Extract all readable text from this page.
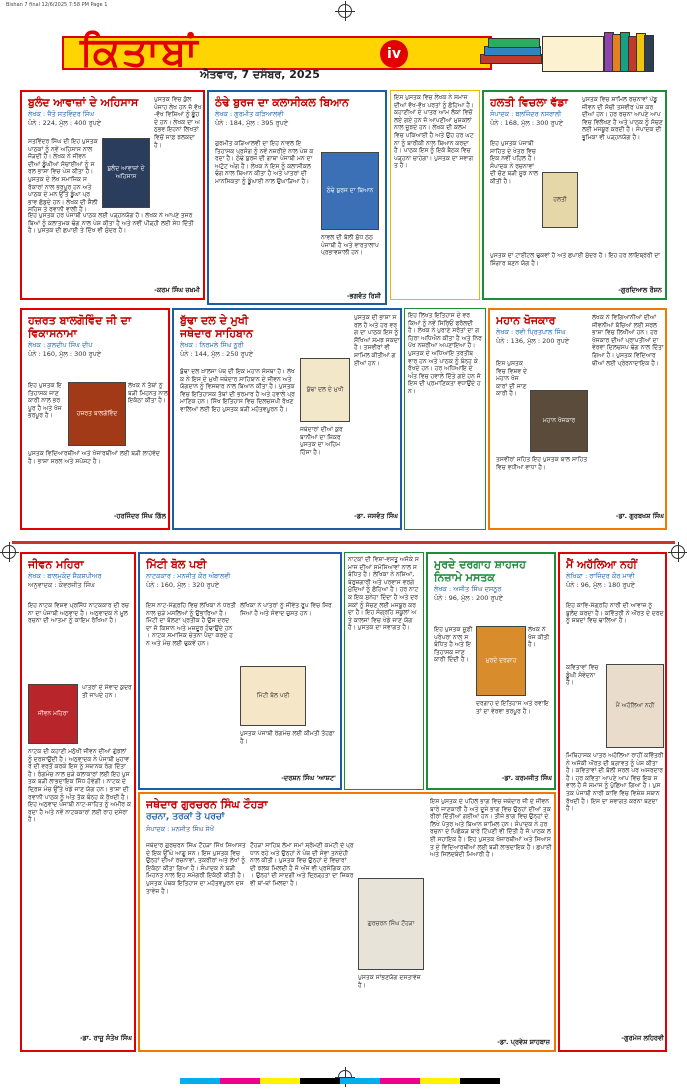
Bishan 7 final 12/6/2025 7:58 PM Page 1
ਕਿਤਾਬਾਂ	iv
ਐਤਵਾਰ, 7 ਦਸੰਬਰ, 2025
ਬੁਲੰਦ ਆਵਾਜ਼ਾਂ ਦੇ ਅਹਿਸਾਸ
ਲੇਖਕ : ਜੈਤੋ ਸਤਵਿੰਦਰ ਸਿੰਘ
ਪੰਨੇ : 224, ਮੁੱਲ : 400 ਰੁਪਏ
ਬੁਲੰਦ ਆਵਾਜ਼ਾਂ ਦੇ ਅਹਿਸਾਸ
ਸਤਵਿੰਦਰ ਸਿੰਘ ਦੀ ਇਹ ਪੁਸਤਕ ਪਾਠਕਾਂ ਨੂੰ ਨਵੇਂ ਅਹਿਸਾਸ ਨਾਲ ਜੋੜਦੀ ਹੈ। ਲੇਖਕ ਨੇ ਜੀਵਨ ਦੀਆਂ ਡੂੰਘੀਆਂ ਸੱਚਾਈਆਂ ਨੂੰ ਸਰਲ ਭਾਸ਼ਾ ਵਿਚ ਪੇਸ਼ ਕੀਤਾ ਹੈ। ਪੁਸਤਕ ਦੇ ਲੇਖ ਸਮਾਜਿਕ ਸਰੋਕਾਰਾਂ ਨਾਲ ਭਰਪੂਰ ਹਨ ਅਤੇ ਪਾਠਕ ਦੇ ਮਨ ਉੱਤੇ ਡੂੰਘਾ ਪ੍ਰਭਾਵ ਛੱਡਦੇ ਹਨ। ਲੇਖਕ ਦੀ ਸ਼ੈਲੀ ਸਹਿਜ ਤੇ ਰਵਾਨੀ ਵਾਲੀ ਹੈ।
ਪੁਸਤਕ ਵਿਚ ਕੁੱਲ ਪੰਜਾਹ ਲੇਖ ਹਨ ਜੋ ਵੱਖ-ਵੱਖ ਵਿਸ਼ਿਆਂ ਨੂੰ ਛੂੰਹਦੇ ਹਨ। ਲੇਖਕ ਦਾ ਅਨੁਭਵ ਇਹਨਾਂ ਲਿਖਤਾਂ ਵਿਚੋਂ ਸਾਫ਼ ਝਲਕਦਾ ਹੈ।
ਇਹ ਪੁਸਤਕ ਹਰ ਪੰਜਾਬੀ ਪਾਠਕ ਲਈ ਪੜ੍ਹਨਯੋਗ ਹੈ। ਲੇਖਕ ਨੇ ਆਪਣੇ ਤਜਰਬਿਆਂ ਨੂੰ ਕਲਾਤਮਕ ਢੰਗ ਨਾਲ ਪੇਸ਼ ਕੀਤਾ ਹੈ ਅਤੇ ਨਵੀਂ ਪੀੜ੍ਹੀ ਲਈ ਸੇਧ ਦਿੱਤੀ ਹੈ। ਪੁਸਤਕ ਦੀ ਛਪਾਈ ਤੇ ਦਿੱਖ ਵੀ ਸੁੰਦਰ ਹੈ।
-ਕਰਮ ਸਿੰਘ ਜ਼ਖ਼ਮੀ
ਠੰਢੇ ਬੁਰਜ ਦਾ ਕਲਾਸੀਕਲ ਬਿਆਨ
ਲੇਖਕ : ਗੁਰਮੀਤ ਕੜਿਆਲਵੀ
ਪੰਨੇ : 184, ਮੁੱਲ : 395 ਰੁਪਏ
ਠੰਢੇ ਬੁਰਜ ਦਾ ਬਿਆਨ
ਗੁਰਮੀਤ ਕੜਿਆਲਵੀ ਦਾ ਇਹ ਨਾਵਲ ਇਤਿਹਾਸਕ ਪ੍ਰਸੰਗ ਨੂੰ ਨਵੇਂ ਨਜ਼ਰੀਏ ਨਾਲ ਪੇਸ਼ ਕਰਦਾ ਹੈ। ਠੰਢੇ ਬੁਰਜ ਦੀ ਗਾਥਾ ਪੰਜਾਬੀ ਮਨ ਦਾ ਅਟੁੱਟ ਅੰਗ ਹੈ। ਲੇਖਕ ਨੇ ਇਸ ਨੂੰ ਕਲਾਸੀਕਲ ਢੰਗ ਨਾਲ ਬਿਆਨ ਕੀਤਾ ਹੈ ਅਤੇ ਪਾਤਰਾਂ ਦੀ ਮਾਨਸਿਕਤਾ ਨੂੰ ਡੂੰਘਾਈ ਨਾਲ ਉਘਾੜਿਆ ਹੈ।
ਨਾਵਲ ਦੀ ਬੋਲੀ ਸ਼ੁੱਧ ਠੇਠ ਪੰਜਾਬੀ ਹੈ ਅਤੇ ਵਾਰਤਾਲਾਪ ਪ੍ਰਭਾਵਸ਼ਾਲੀ ਹਨ।
-ਭਗਵੰਤ ਰਿਸ਼ੀ
ਇਸ ਪੁਸਤਕ ਵਿਚ ਲੇਖਕ ਨੇ ਸਮਾਜ ਦੀਆਂ ਵੱਖ-ਵੱਖ ਪਰਤਾਂ ਨੂੰ ਛੋਹਿਆ ਹੈ। ਕਹਾਣੀਆਂ ਦੇ ਪਾਤਰ ਆਮ ਲੋਕਾਂ ਵਿਚੋਂ ਲਏ ਗਏ ਹਨ ਜੋ ਆਪਣੀਆਂ ਮੁਸ਼ਕਲਾਂ ਨਾਲ ਜੂਝਦੇ ਹਨ। ਲੇਖਕ ਦੀ ਕਲਮ ਵਿਚ ਪਕਿਆਈ ਹੈ ਅਤੇ ਉਹ ਹਰ ਘਟਨਾ ਨੂੰ ਬਾਰੀਕੀ ਨਾਲ ਬਿਆਨ ਕਰਦਾ ਹੈ। ਪਾਠਕ ਇਸ ਨੂੰ ਇਕੋ ਬੈਠਕ ਵਿਚ ਪੜ੍ਹਨਾ ਚਾਹੇਗਾ। ਪੁਸਤਕ ਦਾ ਸਵਾਗਤ ਹੈ।
ਹਲਤੀ ਵਿਚਲਾ ਵੱਡਾ
ਸੰਪਾਦਕ : ਬਲਜਿੰਦਰ ਨਸਰਾਲੀ
ਪੰਨੇ : 168, ਮੁੱਲ : 300 ਰੁਪਏ
ਹਲਤੀ
ਇਹ ਪੁਸਤਕ ਪੰਜਾਬੀ ਸਾਹਿਤ ਦੇ ਖੇਤਰ ਵਿਚ ਇਕ ਨਵੀਂ ਪਹਿਲ ਹੈ। ਸੰਪਾਦਕ ਨੇ ਰਚਨਾਵਾਂ ਦੀ ਚੋਣ ਬੜੀ ਸੂਝ ਨਾਲ ਕੀਤੀ ਹੈ।
ਪੁਸਤਕ ਵਿਚ ਸ਼ਾਮਿਲ ਰਚਨਾਵਾਂ ਪੇਂਡੂ ਜੀਵਨ ਦੀ ਸੱਚੀ ਤਸਵੀਰ ਪੇਸ਼ ਕਰਦੀਆਂ ਹਨ। ਹਰ ਰਚਨਾ ਆਪਣੇ ਆਪ ਵਿਚ ਵਿਲੱਖਣ ਹੈ ਅਤੇ ਪਾਠਕ ਨੂੰ ਸੋਚਣ ਲਈ ਮਜਬੂਰ ਕਰਦੀ ਹੈ। ਸੰਪਾਦਕ ਦੀ ਭੂਮਿਕਾ ਵੀ ਪੜ੍ਹਨਯੋਗ ਹੈ।
ਪੁਸਤਕ ਦਾ ਟਾਈਟਲ ਢੁਕਵਾਂ ਹੈ ਅਤੇ ਛਪਾਈ ਸੁੰਦਰ ਹੈ। ਇਹ ਹਰ ਲਾਇਬ੍ਰੇਰੀ ਦਾ ਸ਼ਿੰਗਾਰ ਬਣਨ ਯੋਗ ਹੈ।
-ਗੁਰਦਿਆਲ ਰੌਸ਼ਨ
ਹਜ਼ਰਤ ਬਾਲਗੋਵਿੰਦ ਜੀ ਦਾ ਵਿਕਾਸਨਾਮਾ
ਲੇਖਕ : ਕੁਲਦੀਪ ਸਿੰਘ ਦੀਪ
ਪੰਨੇ : 160, ਮੁੱਲ : 300 ਰੁਪਏ
ਹਜ਼ਰਤ ਬਾਲਗੋਵਿੰਦ
ਇਹ ਪੁਸਤਕ ਇਤਿਹਾਸਕ ਜਾਣਕਾਰੀ ਨਾਲ ਭਰਪੂਰ ਹੈ ਅਤੇ ਖੋਜ ਭਰਪੂਰ ਹੈ।
ਲੇਖਕ ਨੇ ਤੱਥਾਂ ਨੂੰ ਬੜੀ ਮਿਹਨਤ ਨਾਲ ਇਕੱਠਾ ਕੀਤਾ ਹੈ।
ਪੁਸਤਕ ਵਿਦਿਆਰਥੀਆਂ ਅਤੇ ਖੋਜਾਰਥੀਆਂ ਲਈ ਬੜੀ ਲਾਹੇਵੰਦ ਹੈ। ਭਾਸ਼ਾ ਸਰਲ ਅਤੇ ਸਪੱਸ਼ਟ ਹੈ।
-ਹਰਜਿੰਦਰ ਸਿੰਘ ਗਿੱਲ
ਬੁੱਢਾ ਦਲ ਦੇ ਮੁਖੀ ਜਥੇਦਾਰ ਸਾਹਿਬਾਨ
ਲੇਖਕ : ਨਿਰਮਲੇ ਸਿੰਘ ਨੂਰੀ
ਪੰਨੇ : 144, ਮੁੱਲ : 250 ਰੁਪਏ
ਬੁੱਢਾ ਦਲ ਦੇ ਮੁਖੀ
ਬੁੱਢਾ ਦਲ ਖ਼ਾਲਸਾ ਪੰਥ ਦੀ ਇਕ ਮਹਾਨ ਸੰਸਥਾ ਹੈ। ਲੇਖਕ ਨੇ ਇਸ ਦੇ ਮੁਖੀ ਜਥੇਦਾਰ ਸਾਹਿਬਾਨ ਦੇ ਜੀਵਨ ਅਤੇ ਯੋਗਦਾਨ ਨੂੰ ਵਿਸਥਾਰ ਨਾਲ ਬਿਆਨ ਕੀਤਾ ਹੈ। ਪੁਸਤਕ ਵਿਚ ਇਤਿਹਾਸਕ ਤੱਥਾਂ ਦੀ ਭਰਮਾਰ ਹੈ ਅਤੇ ਹਵਾਲੇ ਪ੍ਰਮਾਣਿਕ ਹਨ। ਸਿੱਖ ਇਤਿਹਾਸ ਵਿਚ ਦਿਲਚਸਪੀ ਰੱਖਣ ਵਾਲਿਆਂ ਲਈ ਇਹ ਪੁਸਤਕ ਬੜੀ ਮਹੱਤਵਪੂਰਨ ਹੈ।
ਪੁਸਤਕ ਦੀ ਭਾਸ਼ਾ ਸਰਲ ਹੈ ਅਤੇ ਹਰ ਵਰਗ ਦਾ ਪਾਠਕ ਇਸ ਨੂੰ ਸੌਖਿਆਂ ਸਮਝ ਸਕਦਾ ਹੈ। ਤਸਵੀਰਾਂ ਵੀ ਸ਼ਾਮਿਲ ਕੀਤੀਆਂ ਗਈਆਂ ਹਨ।
ਜਥੇਦਾਰਾਂ ਦੀਆਂ ਕੁਰਬਾਨੀਆਂ ਦਾ ਜ਼ਿਕਰ ਪੁਸਤਕ ਦਾ ਅਹਿਮ ਹਿੱਸਾ ਹੈ।
-ਡਾ. ਜਸਵੰਤ ਸਿੰਘ
ਇਹ ਲਿਖਤ ਇਤਿਹਾਸ ਦੇ ਵਰਕਿਆਂ ਨੂੰ ਨਵੇਂ ਸਿਰਿਓਂ ਫਰੋਲਦੀ ਹੈ। ਲੇਖਕ ਨੇ ਪੁਰਾਣੇ ਸਰੋਤਾਂ ਦਾ ਗਹਿਰਾ ਅਧਿਐਨ ਕੀਤਾ ਹੈ ਅਤੇ ਨਿਰਪੱਖ ਨਜ਼ਰੀਆ ਅਪਣਾਇਆ ਹੈ। ਪੁਸਤਕ ਦੇ ਅਧਿਆਇ ਤਰਤੀਬਵਾਰ ਹਨ ਅਤੇ ਪਾਠਕ ਨੂੰ ਬੰਨ੍ਹ ਕੇ ਰੱਖਦੇ ਹਨ। ਹਰ ਅਧਿਆਇ ਦੇ ਅੰਤ ਵਿਚ ਹਵਾਲੇ ਦਿੱਤੇ ਗਏ ਹਨ ਜੋ ਇਸ ਦੀ ਪ੍ਰਮਾਣਿਕਤਾ ਵਧਾਉਂਦੇ ਹਨ।
ਮਹਾਨ ਖੋਜਕਾਰ
ਲੇਖਕ : ਰਵੀ ਪ੍ਰਿਤਪਾਲ ਸਿੰਘ
ਪੰਨੇ : 136, ਮੁੱਲ : 200 ਰੁਪਏ
ਮਹਾਨ ਖੋਜਕਾਰ
ਇਸ ਪੁਸਤਕ ਵਿਚ ਵਿਸ਼ਵ ਦੇ ਮਹਾਨ ਖੋਜਕਾਰਾਂ ਦੀ ਜਾਣਕਾਰੀ ਹੈ।
ਲੇਖਕ ਨੇ ਵਿਗਿਆਨੀਆਂ ਦੀਆਂ ਜੀਵਨੀਆਂ ਬੱਚਿਆਂ ਲਈ ਸਰਲ ਭਾਸ਼ਾ ਵਿਚ ਲਿਖੀਆਂ ਹਨ। ਹਰ ਖੋਜਕਾਰ ਦੀਆਂ ਪ੍ਰਾਪਤੀਆਂ ਦਾ ਵੇਰਵਾ ਦਿਲਚਸਪ ਢੰਗ ਨਾਲ ਦਿੱਤਾ ਗਿਆ ਹੈ। ਪੁਸਤਕ ਵਿਦਿਆਰਥੀਆਂ ਲਈ ਪ੍ਰੇਰਨਾਦਾਇਕ ਹੈ।
ਤਸਵੀਰਾਂ ਸਹਿਤ ਇਹ ਪੁਸਤਕ ਬਾਲ ਸਾਹਿਤ ਵਿਚ ਵਧੀਆ ਵਾਧਾ ਹੈ।
-ਡਾ. ਗੁਰਬਖਸ਼ ਸਿੰਘ
ਜੀਵਨ ਮਹਿਰਾ
ਲੇਖਕ : ਬਾਲਮੁਕੰਦ ਸ਼ੈਕਸਪੀਅਰ
ਅਨੁਵਾਦਕ : ਕੰਵਰਜੀਤ ਸਿੰਘ
ਜੀਵਨ ਮਹਿਰਾ
ਇਹ ਨਾਟਕ ਵਿਸ਼ਵ ਪ੍ਰਸਿੱਧ ਨਾਟਕਕਾਰ ਦੀ ਰਚਨਾ ਦਾ ਪੰਜਾਬੀ ਅਨੁਵਾਦ ਹੈ। ਅਨੁਵਾਦਕ ਨੇ ਮੂਲ ਰਚਨਾ ਦੀ ਆਤਮਾ ਨੂੰ ਕਾਇਮ ਰੱਖਿਆ ਹੈ।
ਪਾਤਰਾਂ ਦੇ ਸੰਵਾਦ ਕੁਦਰਤੀ ਜਾਪਦੇ ਹਨ।
ਨਾਟਕ ਦੀ ਕਹਾਣੀ ਮਨੁੱਖੀ ਜੀਵਨ ਦੀਆਂ ਗੁੰਝਲਾਂ ਨੂੰ ਦਰਸਾਉਂਦੀ ਹੈ। ਅਨੁਵਾਦਕ ਨੇ ਪੰਜਾਬੀ ਮੁਹਾਵਰੇ ਦੀ ਵਰਤੋਂ ਕਰਕੇ ਇਸ ਨੂੰ ਸਥਾਨਕ ਰੰਗ ਦਿੱਤਾ ਹੈ। ਰੰਗਮੰਚ ਨਾਲ ਜੁੜੇ ਕਲਾਕਾਰਾਂ ਲਈ ਇਹ ਪੁਸਤਕ ਬੜੀ ਲਾਭਦਾਇਕ ਸਿੱਧ ਹੋਵੇਗੀ। ਨਾਟਕ ਦੇ ਦ੍ਰਿਸ਼ ਮੰਚ ਉੱਤੇ ਖੇਡੇ ਜਾਣ ਯੋਗ ਹਨ। ਭਾਸ਼ਾ ਦੀ ਰਵਾਨੀ ਪਾਠਕ ਨੂੰ ਅੰਤ ਤੱਕ ਬੰਨ੍ਹ ਕੇ ਰੱਖਦੀ ਹੈ। ਇਹ ਅਨੁਵਾਦ ਪੰਜਾਬੀ ਨਾਟ-ਸਾਹਿਤ ਨੂੰ ਅਮੀਰ ਕਰਦਾ ਹੈ ਅਤੇ ਨਵੇਂ ਨਾਟਕਕਾਰਾਂ ਲਈ ਰਾਹ ਦਸੇਰਾ ਹੈ।
-ਡਾ. ਰਾਜੂ ਸੰਤੋਖ ਸਿੰਘ
ਮਿੱਟੀ ਬੋਲ ਪਈ
ਨਾਟਕਕਾਰ : ਮਨਜੀਤ ਕੌਰ ਅੰਬਾਲਵੀ
ਪੰਨੇ : 160, ਮੁੱਲ : 320 ਰੁਪਏ
ਮਿੱਟੀ ਬੋਲ ਪਈ
ਇਸ ਨਾਟ-ਸੰਗ੍ਰਹਿ ਵਿਚ ਲੇਖਿਕਾ ਨੇ ਧਰਤੀ ਨਾਲ ਜੁੜੇ ਮਸਲਿਆਂ ਨੂੰ ਉਭਾਰਿਆ ਹੈ। ਮਿੱਟੀ ਦਾ ਬੋਲਣਾ ਪ੍ਰਤੀਕ ਹੈ ਉਸ ਦਰਦ ਦਾ ਜੋ ਕਿਸਾਨ ਅਤੇ ਮਜ਼ਦੂਰ ਹੰਢਾਉਂਦੇ ਹਨ। ਨਾਟਕ ਸਮਾਜਿਕ ਚੇਤਨਾ ਪੈਦਾ ਕਰਦੇ ਹਨ ਅਤੇ ਮੰਚ ਲਈ ਢੁਕਵੇਂ ਹਨ।
ਲੇਖਿਕਾ ਨੇ ਪਾਤਰਾਂ ਨੂੰ ਜੀਵੰਤ ਰੂਪ ਵਿਚ ਸਿਰਜਿਆ ਹੈ ਅਤੇ ਸੰਵਾਦ ਚੁਸਤ ਹਨ।
ਪੁਸਤਕ ਪੰਜਾਬੀ ਰੰਗਮੰਚ ਲਈ ਕੀਮਤੀ ਤੋਹਫ਼ਾ ਹੈ।
-ਦਰਸ਼ਨ ਸਿੰਘ 'ਆਸ਼ਟ'
ਨਾਟਕਾਂ ਦੀ ਵਿਸ਼ਾ-ਵਸਤੂ ਅਜੋਕੇ ਸਮਾਜ ਦੀਆਂ ਸਮੱਸਿਆਵਾਂ ਨਾਲ ਸਬੰਧਿਤ ਹੈ। ਲੇਖਿਕਾ ਨੇ ਨਸ਼ਿਆਂ, ਬੇਰੁਜ਼ਗਾਰੀ ਅਤੇ ਪਰਵਾਸ ਵਰਗੇ ਮੁੱਦਿਆਂ ਨੂੰ ਛੋਹਿਆ ਹੈ। ਹਰ ਨਾਟਕ ਇਕ ਸੁਨੇਹਾ ਦਿੰਦਾ ਹੈ ਅਤੇ ਦਰਸ਼ਕਾਂ ਨੂੰ ਸੋਚਣ ਲਈ ਮਜਬੂਰ ਕਰਦਾ ਹੈ। ਇਹ ਸੰਗ੍ਰਹਿ ਸਕੂਲਾਂ ਅਤੇ ਕਾਲਜਾਂ ਵਿਚ ਖੇਡੇ ਜਾਣ ਯੋਗ ਹੈ। ਪੁਸਤਕ ਦਾ ਸਵਾਗਤ ਹੈ।
ਮੁਰਦੇ ਦਰਗਾਹ ਸ਼ਾਹਜਹ ਨਿਜ਼ਾਮੇ ਮਸਤਕ
ਲੇਖਕ : ਅਜੀਤ ਸਿੰਘ ਦਸਨੂਰ
ਪੰਨੇ : 96, ਮੁੱਲ : 200 ਰੁਪਏ
ਮੁਰਦੇ ਦਰਗਾਹ
ਇਹ ਪੁਸਤਕ ਸੂਫ਼ੀ ਪਰੰਪਰਾ ਨਾਲ ਸਬੰਧਿਤ ਹੈ ਅਤੇ ਇਤਿਹਾਸਕ ਜਾਣਕਾਰੀ ਦਿੰਦੀ ਹੈ।
ਲੇਖਕ ਨੇ ਖੋਜ ਕੀਤੀ ਹੈ।
ਦਰਗਾਹ ਦੇ ਇਤਿਹਾਸ ਅਤੇ ਰਵਾਇਤਾਂ ਦਾ ਵੇਰਵਾ ਭਰਪੂਰ ਹੈ।
-ਡਾ. ਕਰਮਜੀਤ ਸਿੰਘ
ਮੈਂ ਅਹੱਲਿਆ ਨਹੀਂ
ਲੇਖਿਕਾ : ਰਾਜਿੰਦਰ ਕੌਰ ਮਾਵੀ
ਪੰਨੇ : 96, ਮੁੱਲ : 180 ਰੁਪਏ
ਮੈਂ ਅਹੱਲਿਆ ਨਹੀਂ
ਇਹ ਕਾਵਿ-ਸੰਗ੍ਰਹਿ ਨਾਰੀ ਦੀ ਆਵਾਜ਼ ਨੂੰ ਬੁਲੰਦ ਕਰਦਾ ਹੈ। ਕਵਿੱਤਰੀ ਨੇ ਔਰਤ ਦੇ ਦਰਦ ਨੂੰ ਸ਼ਬਦਾਂ ਵਿਚ ਢਾਲਿਆ ਹੈ।
ਕਵਿਤਾਵਾਂ ਵਿਚ ਡੂੰਘੀ ਸੰਵੇਦਨਾ ਹੈ।
ਮਿਥਿਹਾਸਕ ਪਾਤਰ ਅਹੱਲਿਆ ਰਾਹੀਂ ਕਵਿੱਤਰੀ ਨੇ ਅਜੋਕੀ ਔਰਤ ਦੀ ਬਗ਼ਾਵਤ ਨੂੰ ਪੇਸ਼ ਕੀਤਾ ਹੈ। ਕਵਿਤਾਵਾਂ ਦੀ ਬੋਲੀ ਸਰਲ ਪਰ ਅਸਰਦਾਰ ਹੈ। ਹਰ ਕਵਿਤਾ ਆਪਣੇ ਆਪ ਵਿਚ ਇਕ ਸਵਾਲ ਹੈ ਜੋ ਸਮਾਜ ਨੂੰ ਪੁੱਛਿਆ ਗਿਆ ਹੈ। ਪੁਸਤਕ ਪੰਜਾਬੀ ਨਾਰੀ ਕਾਵਿ ਵਿਚ ਵਿਸ਼ੇਸ਼ ਸਥਾਨ ਰੱਖਦੀ ਹੈ। ਇਸ ਦਾ ਸਵਾਗਤ ਕਰਨਾ ਬਣਦਾ ਹੈ।
-ਗੁਰਮੇਜ ਲਹਿਰਵੀ
ਜਥੇਦਾਰ ਗੁਰਚਰਨ ਸਿੰਘ ਟੌਹੜਾ
ਰਚਨਾ, ਤਰਕਾਂ ਤੇ ਪਰਚਾਂ
ਸੰਪਾਦਕ : ਮਨਜੀਤ ਸਿੰਘ ਸੇਖੋਂ
ਗੁਰਚਰਨ ਸਿੰਘ ਟੌਹੜਾ
ਜਥੇਦਾਰ ਗੁਰਚਰਨ ਸਿੰਘ ਟੌਹੜਾ ਸਿੱਖ ਸਿਆਸਤ ਦੇ ਇਕ ਉੱਘੇ ਆਗੂ ਸਨ। ਇਸ ਪੁਸਤਕ ਵਿਚ ਉਨ੍ਹਾਂ ਦੀਆਂ ਰਚਨਾਵਾਂ, ਤਕਰੀਰਾਂ ਅਤੇ ਲੇਖਾਂ ਨੂੰ ਇਕੱਠਾ ਕੀਤਾ ਗਿਆ ਹੈ। ਸੰਪਾਦਕ ਨੇ ਬੜੀ ਮਿਹਨਤ ਨਾਲ ਇਹ ਸਮੱਗਰੀ ਇਕੱਠੀ ਕੀਤੀ ਹੈ। ਪੁਸਤਕ ਪੰਥਕ ਇਤਿਹਾਸ ਦਾ ਮਹੱਤਵਪੂਰਨ ਦਸਤਾਵੇਜ਼ ਹੈ।
ਟੌਹੜਾ ਸਾਹਿਬ ਲੰਮਾ ਸਮਾਂ ਸ਼੍ਰੋਮਣੀ ਕਮੇਟੀ ਦੇ ਪ੍ਰਧਾਨ ਰਹੇ ਅਤੇ ਉਨ੍ਹਾਂ ਨੇ ਪੰਥ ਦੀ ਸੇਵਾ ਤਨਦੇਹੀ ਨਾਲ ਕੀਤੀ। ਪੁਸਤਕ ਵਿਚ ਉਨ੍ਹਾਂ ਦੇ ਵਿਚਾਰਾਂ ਦੀ ਝਲਕ ਮਿਲਦੀ ਹੈ ਜੋ ਅੱਜ ਵੀ ਪ੍ਰਸੰਗਿਕ ਹਨ। ਉਨ੍ਹਾਂ ਦੀ ਸਾਦਗੀ ਅਤੇ ਦ੍ਰਿੜ੍ਹਤਾ ਦਾ ਜ਼ਿਕਰ ਵੀ ਥਾਂ-ਥਾਂ ਮਿਲਦਾ ਹੈ।
ਇਸ ਪੁਸਤਕ ਦੇ ਪਹਿਲੇ ਭਾਗ ਵਿਚ ਜਥੇਦਾਰ ਜੀ ਦੇ ਜੀਵਨ ਬਾਰੇ ਜਾਣਕਾਰੀ ਹੈ ਅਤੇ ਦੂਜੇ ਭਾਗ ਵਿਚ ਉਨ੍ਹਾਂ ਦੀਆਂ ਤਕਰੀਰਾਂ ਦਿੱਤੀਆਂ ਗਈਆਂ ਹਨ। ਤੀਜੇ ਭਾਗ ਵਿਚ ਉਨ੍ਹਾਂ ਦੇ ਲਿਖੇ ਪੱਤਰ ਅਤੇ ਬਿਆਨ ਸ਼ਾਮਿਲ ਹਨ। ਸੰਪਾਦਕ ਨੇ ਹਰ ਰਚਨਾ ਦੇ ਪਿਛੋਕੜ ਬਾਰੇ ਟਿੱਪਣੀ ਵੀ ਦਿੱਤੀ ਹੈ ਜੋ ਪਾਠਕ ਲਈ ਸਹਾਇਕ ਹੈ। ਇਹ ਪੁਸਤਕ ਖੋਜਾਰਥੀਆਂ ਅਤੇ ਸਿਆਸਤ ਦੇ ਵਿਦਿਆਰਥੀਆਂ ਲਈ ਬੜੀ ਲਾਭਦਾਇਕ ਹੈ। ਛਪਾਈ ਅਤੇ ਜਿਲਦਬੰਦੀ ਮਿਆਰੀ ਹੈ।
ਪੁਸਤਕ ਸਾਂਭਣਯੋਗ ਦਸਤਾਵੇਜ਼ ਹੈ।
-ਡਾ. ਪ੍ਰਵੇਸ਼ ਸ਼ਾਹਬਾਜ਼
